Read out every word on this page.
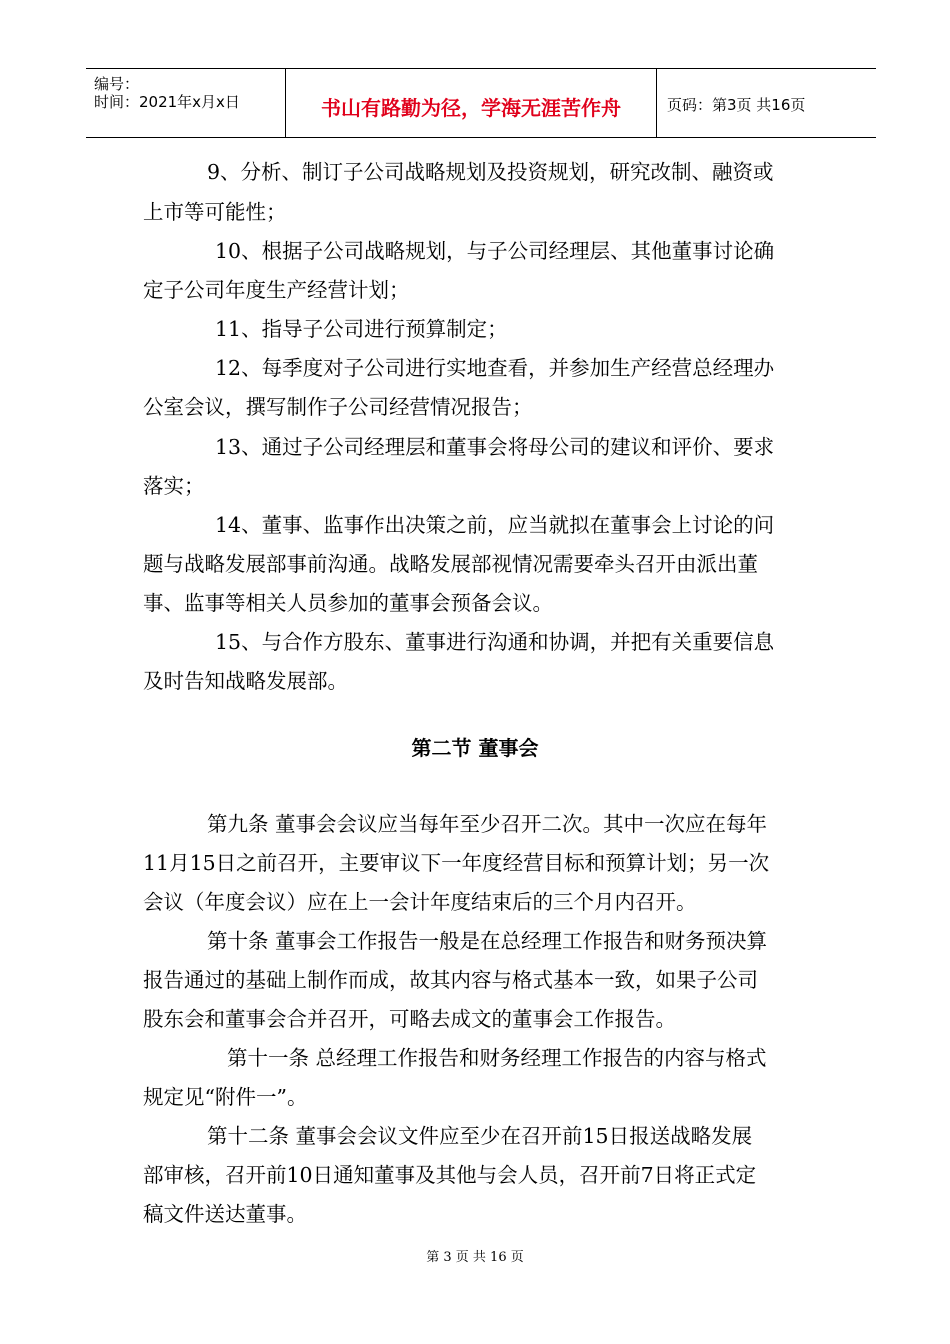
编号：
时间：2021年x月x日	书山有路勤为径，学海无涯苦作舟	页码：第3页 共16页
9、分析、制订子公司战略规划及投资规划，研究改制、融资或
上市等可能性；
10、根据子公司战略规划，与子公司经理层、其他董事讨论确
定子公司年度生产经营计划；
11、指导子公司进行预算制定；
12、每季度对子公司进行实地查看，并参加生产经营总经理办
公室会议，撰写制作子公司经营情况报告；
13、通过子公司经理层和董事会将母公司的建议和评价、要求
落实；
14、董事、监事作出决策之前，应当就拟在董事会上讨论的问
题与战略发展部事前沟通。战略发展部视情况需要牵头召开由派出董
事、监事等相关人员参加的董事会预备会议。
15、与合作方股东、董事进行沟通和协调，并把有关重要信息
及时告知战略发展部。
第二节 董事会
第九条 董事会会议应当每年至少召开二次。其中一次应在每年
11月15日之前召开，主要审议下一年度经营目标和预算计划；另一次
会议（年度会议）应在上一会计年度结束后的三个月内召开。
第十条 董事会工作报告一般是在总经理工作报告和财务预决算
报告通过的基础上制作而成，故其内容与格式基本一致，如果子公司
股东会和董事会合并召开，可略去成文的董事会工作报告。
第十一条 总经理工作报告和财务经理工作报告的内容与格式
规定见“附件一”。
第十二条 董事会会议文件应至少在召开前15日报送战略发展
部审核，召开前10日通知董事及其他与会人员，召开前7日将正式定
稿文件送达董事。
第 3 页 共 16 页
